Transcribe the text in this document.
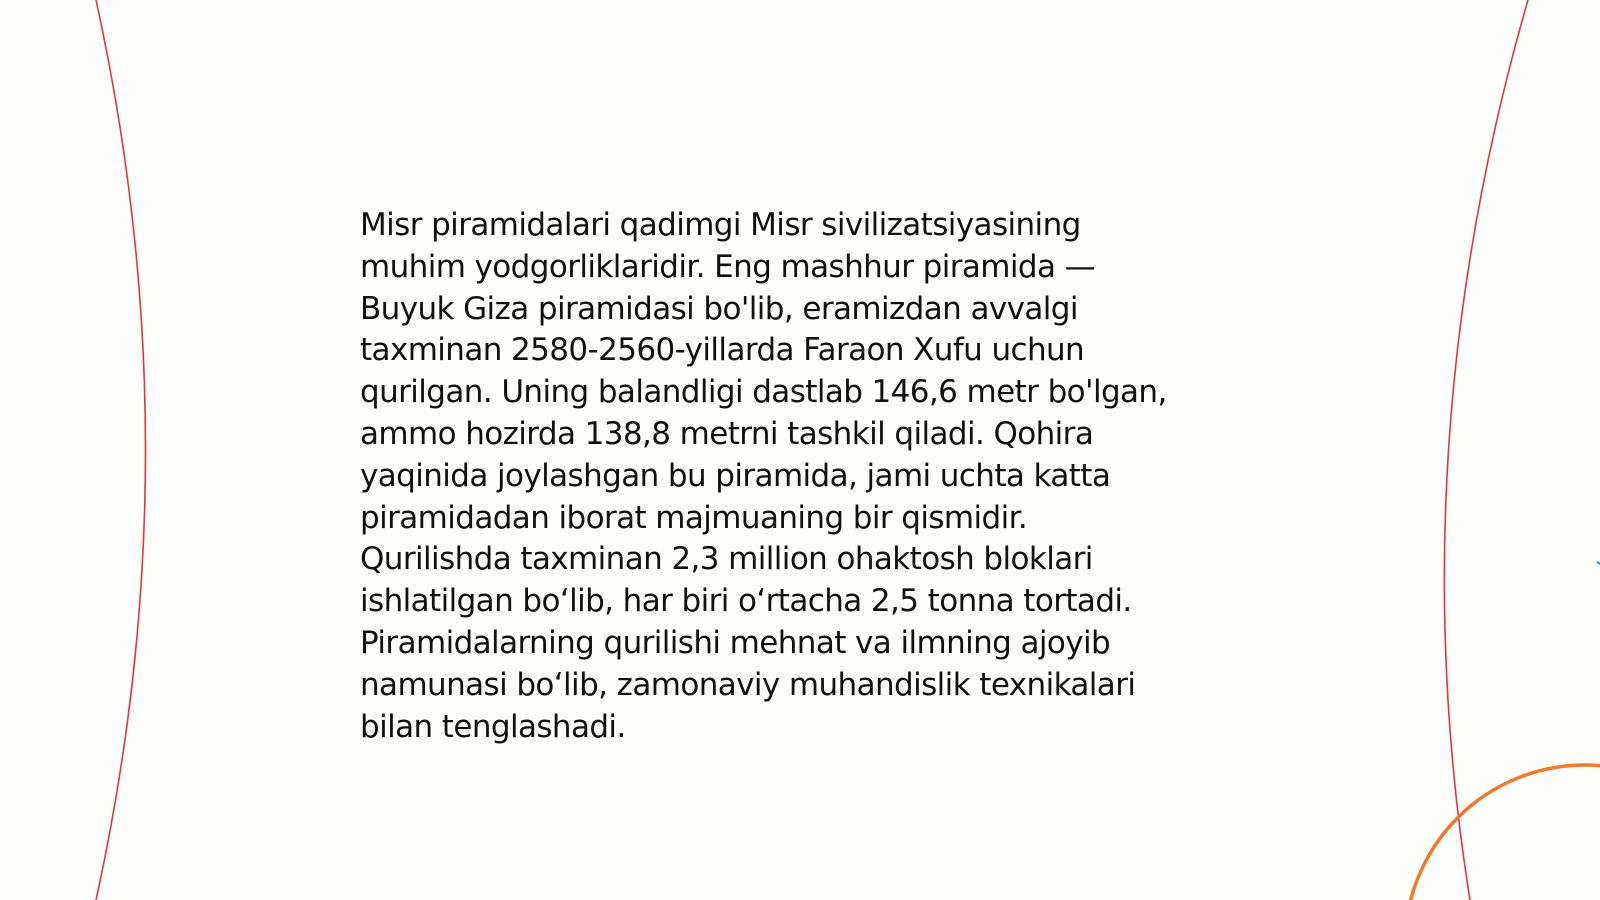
Misr piramidalari qadimgi Misr sivilizatsiyasining
muhim yodgorliklaridir. Eng mashhur piramida —
Buyuk Giza piramidasi bo'lib, eramizdan avvalgi
taxminan 2580-2560-yillarda Faraon Xufu uchun
qurilgan. Uning balandligi dastlab 146,6 metr bo'lgan,
ammo hozirda 138,8 metrni tashkil qiladi. Qohira
yaqinida joylashgan bu piramida, jami uchta katta
piramidadan iborat majmuaning bir qismidir.
Qurilishda taxminan 2,3 million ohaktosh bloklari
ishlatilgan bo‘lib, har biri o‘rtacha 2,5 tonna tortadi.
Piramidalarning qurilishi mehnat va ilmning ajoyib
namunasi bo‘lib, zamonaviy muhandislik texnikalari
bilan tenglashadi.
